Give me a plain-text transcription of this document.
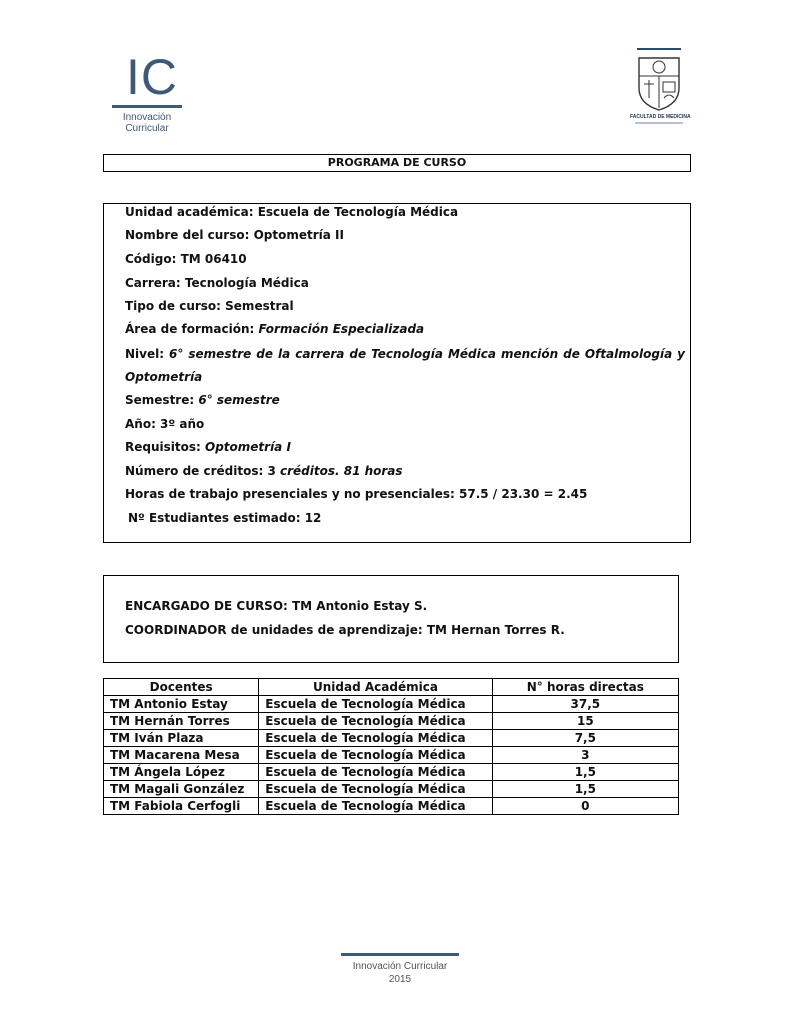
IC
Innovación
Curricular
FACULTAD DE MEDICINA
PROGRAMA DE CURSO
Unidad académica: Escuela de Tecnología Médica
Nombre del curso: Optometría II
Código: TM 06410
Carrera: Tecnología Médica
Tipo de curso: Semestral
Área de formación: Formación Especializada
Nivel: 6° semestre de la carrera de Tecnología Médica mención de Oftalmología y
Optometría
Semestre: 6° semestre
Año: 3º año
Requisitos: Optometría I
Número de créditos: 3 créditos. 81 horas
Horas de trabajo presenciales y no presenciales: 57.5 / 23.30 = 2.45
Nº Estudiantes estimado: 12
ENCARGADO DE CURSO: TM Antonio Estay S.
COORDINADOR de unidades de aprendizaje: TM Hernan Torres R.
Docentes	Unidad Académica	N° horas directas
TM Antonio Estay	Escuela de Tecnología Médica	37,5
TM Hernán Torres	Escuela de Tecnología Médica	15
TM Iván Plaza	Escuela de Tecnología Médica	7,5
TM Macarena Mesa	Escuela de Tecnología Médica	3
TM Ángela López	Escuela de Tecnología Médica	1,5
TM Magali González	Escuela de Tecnología Médica	1,5
TM Fabiola Cerfogli	Escuela de Tecnología Médica	0
Innovación Curricular
2015
